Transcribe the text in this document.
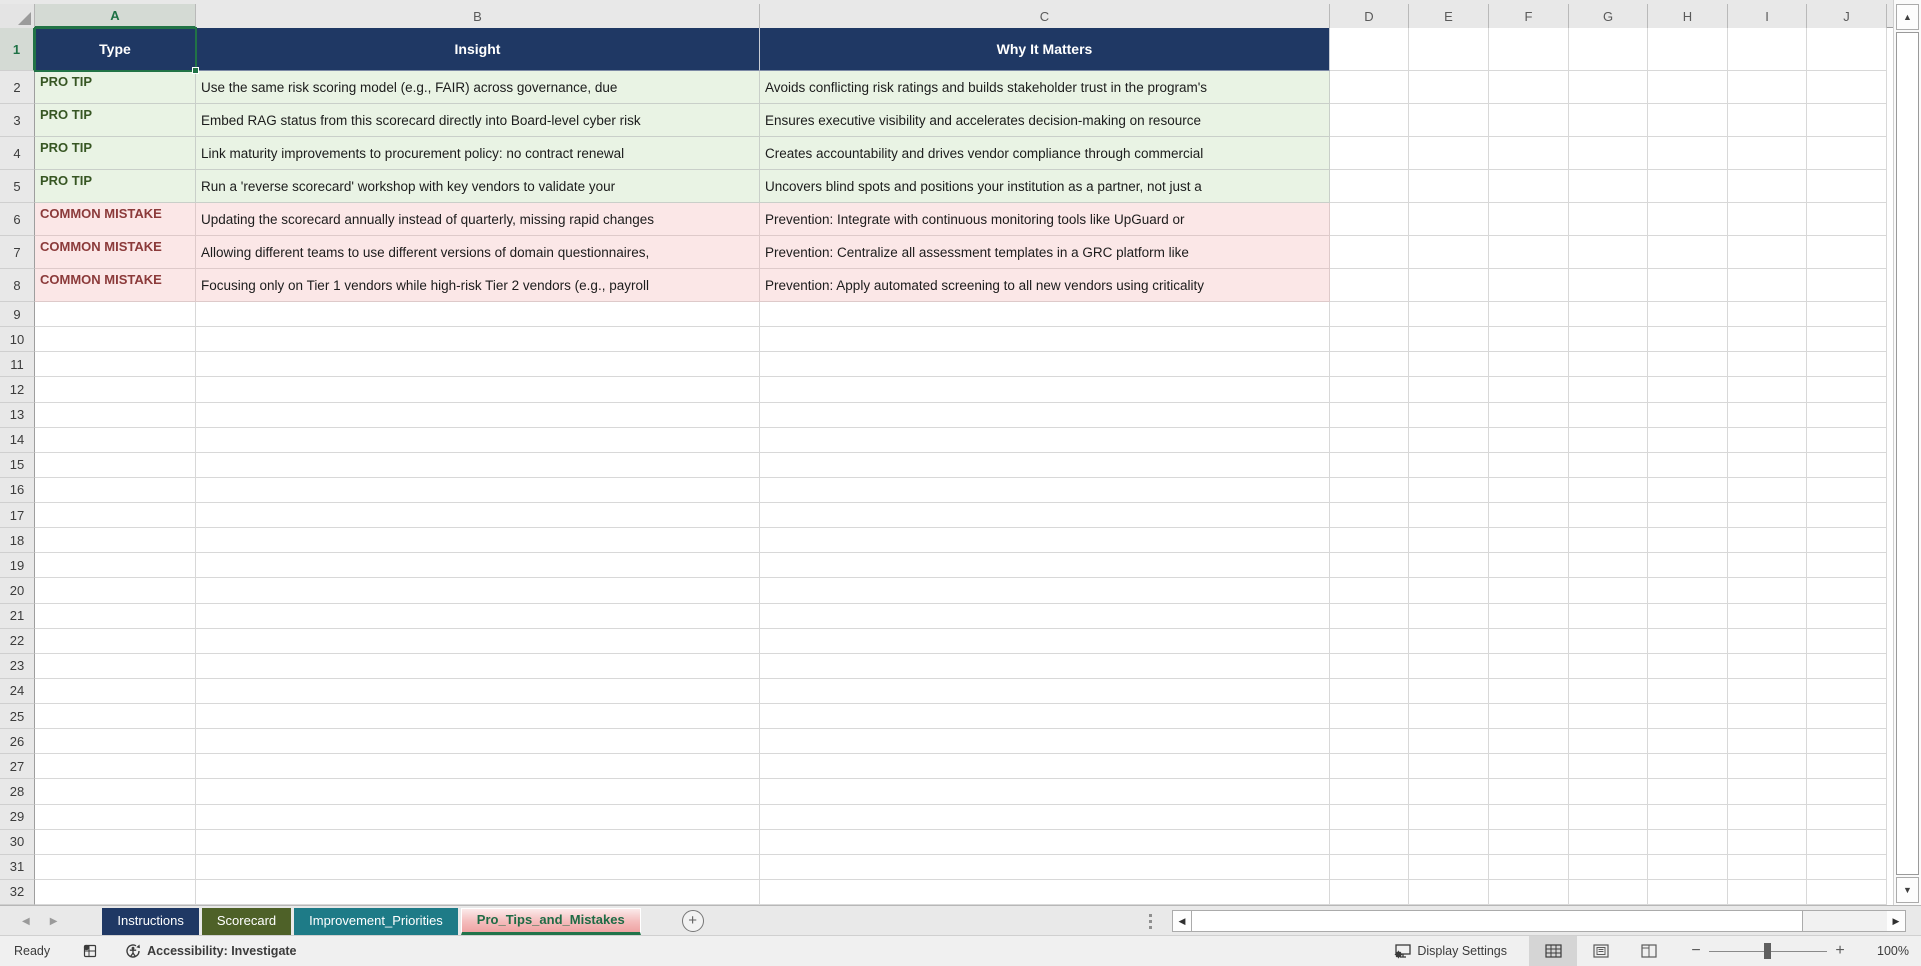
A	B	C	D	E	F	G	H	I	J
1	Type	Insight	Why It Matters
2	PRO TIP	Use the same risk scoring model (e.g., FAIR) across governance, due	Avoids conflicting risk ratings and builds stakeholder trust in the program's
3	PRO TIP	Embed RAG status from this scorecard directly into Board-level cyber risk	Ensures executive visibility and accelerates decision-making on resource
4	PRO TIP	Link maturity improvements to procurement policy: no contract renewal	Creates accountability and drives vendor compliance through commercial
5	PRO TIP	Run a 'reverse scorecard' workshop with key vendors to validate your	Uncovers blind spots and positions your institution as a partner, not just a
6	COMMON MISTAKE	Updating the scorecard annually instead of quarterly, missing rapid changes	Prevention: Integrate with continuous monitoring tools like UpGuard or
7	COMMON MISTAKE	Allowing different teams to use different versions of domain questionnaires,	Prevention: Centralize all assessment templates in a GRC platform like
8	COMMON MISTAKE	Focusing only on Tier 1 vendors while high-risk Tier 2 vendors (e.g., payroll	Prevention: Apply automated screening to all new vendors using criticality
9
10
11
12
13
14
15
16
17
18
19
20
21
22
23
24
25
26
27
28
29
30
31
32
▲
▼
◀ ▶	Instructions	Scorecard	Improvement_Priorities	Pro_Tips_and_Mistakes	+	◀	▶
Ready	Accessibility: Investigate	Display Settings	−	+	100%
